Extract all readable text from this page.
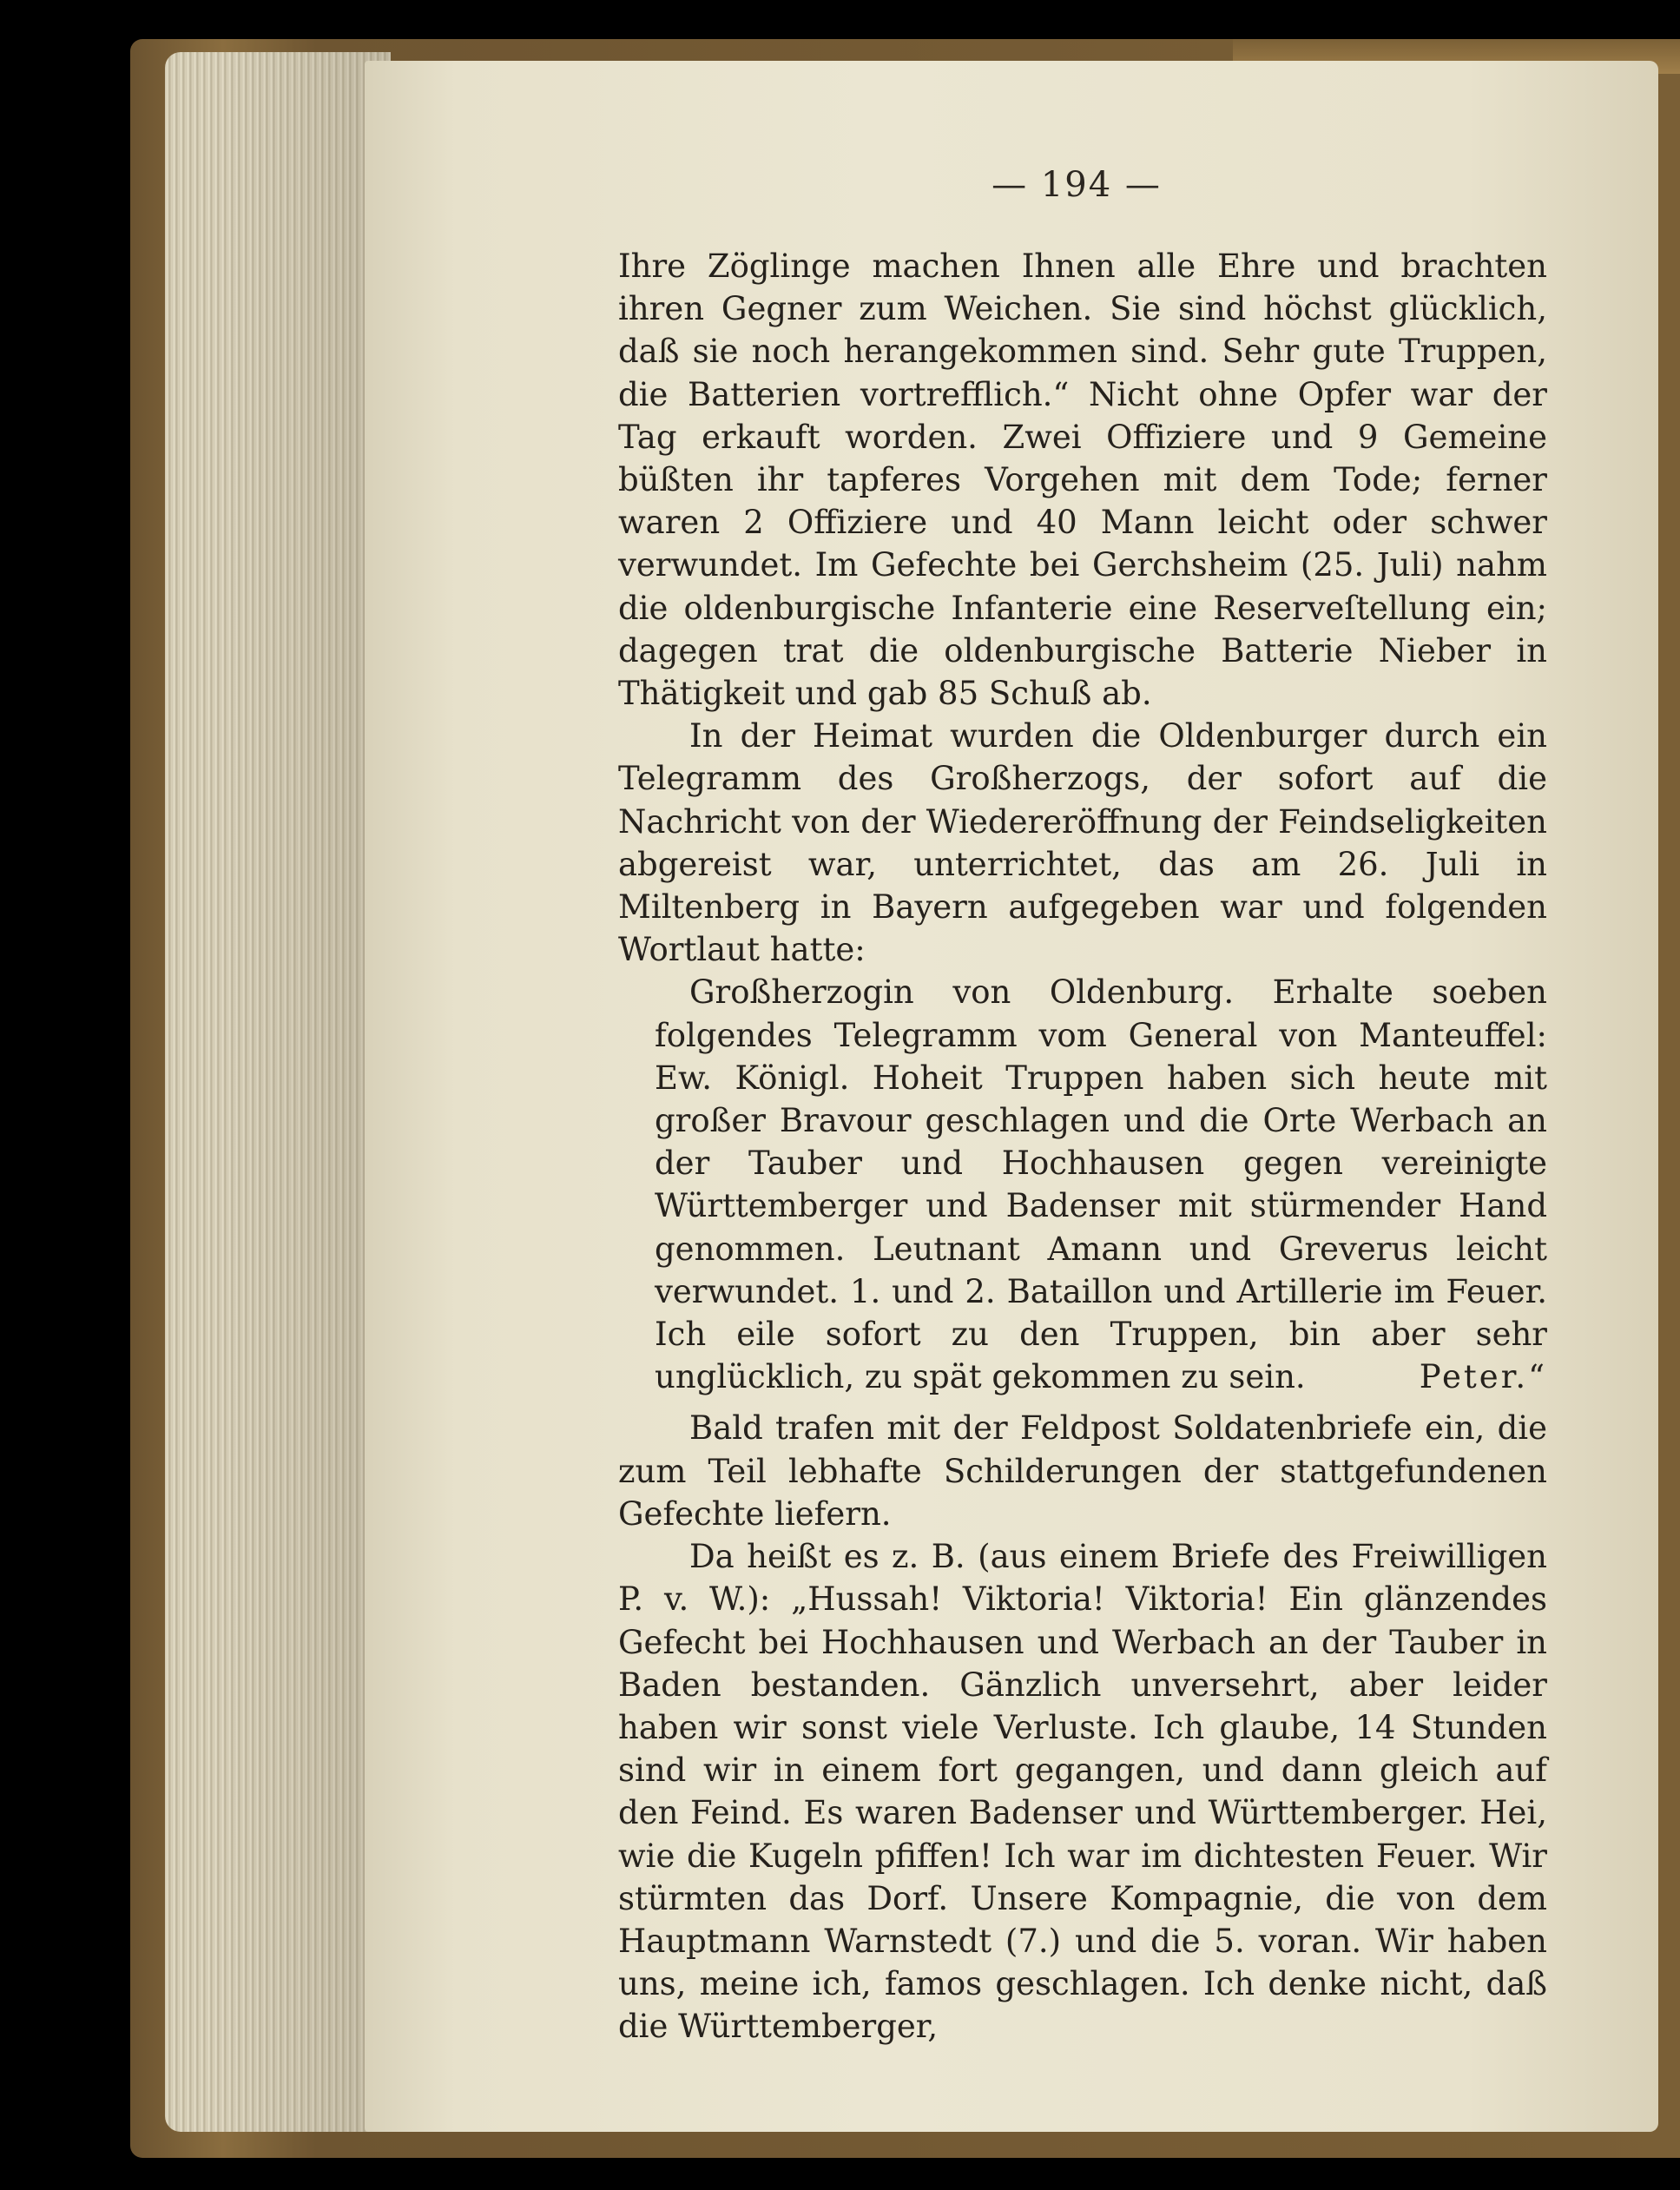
— 194 —

Ihre Zöglinge machen Ihnen alle Ehre und brachten ihren Gegner zum Weichen. Sie sind höchst glücklich, daß sie noch herangekommen sind. Sehr gute Truppen, die Batterien vortrefflich.“ Nicht ohne Opfer war der Tag erkauft worden. Zwei Offiziere und 9 Gemeine büßten ihr tapferes Vorgehen mit dem Tode; ferner waren 2 Offiziere und 40 Mann leicht oder schwer verwundet. Im Gefechte bei Gerchsheim (25. Juli) nahm die oldenburgische Infanterie eine Reserveſtellung ein; dagegen trat die oldenburgische Batterie Nieber in Thätigkeit und gab 85 Schuß ab.

In der Heimat wurden die Oldenburger durch ein Telegramm des Großherzogs, der sofort auf die Nachricht von der Wiedereröffnung der Feindseligkeiten abgereist war, unterrichtet, das am 26. Juli in Miltenberg in Bayern aufgegeben war und folgenden Wortlaut hatte:

Großherzogin von Oldenburg. Erhalte soeben folgendes Telegramm vom General von Manteuffel: Ew. Königl. Hoheit Truppen haben sich heute mit großer Bravour geschlagen und die Orte Werbach an der Tauber und Hochhausen gegen vereinigte Württemberger und Badenser mit stürmender Hand genommen. Leutnant Amann und Greverus leicht verwundet. 1. und 2. Bataillon und Artillerie im Feuer. Ich eile sofort zu den Truppen, bin aber sehr unglücklich, zu spät gekommen zu sein.	Peter.“

Bald trafen mit der Feldpost Soldatenbriefe ein, die zum Teil lebhafte Schilderungen der stattgefundenen Gefechte liefern.

Da heißt es z. B. (aus einem Briefe des Freiwilligen P. v. W.): „Hussah! Viktoria! Viktoria! Ein glänzendes Gefecht bei Hochhausen und Werbach an der Tauber in Baden bestanden. Gänzlich unversehrt, aber leider haben wir sonst viele Verluste. Ich glaube, 14 Stunden sind wir in einem fort gegangen, und dann gleich auf den Feind. Es waren Badenser und Württemberger. Hei, wie die Kugeln pfiffen! Ich war im dichtesten Feuer. Wir stürmten das Dorf. Unsere Kompagnie, die von dem Hauptmann Warnstedt (7.) und die 5. voran. Wir haben uns, meine ich, famos geschlagen. Ich denke nicht, daß die Württemberger,
